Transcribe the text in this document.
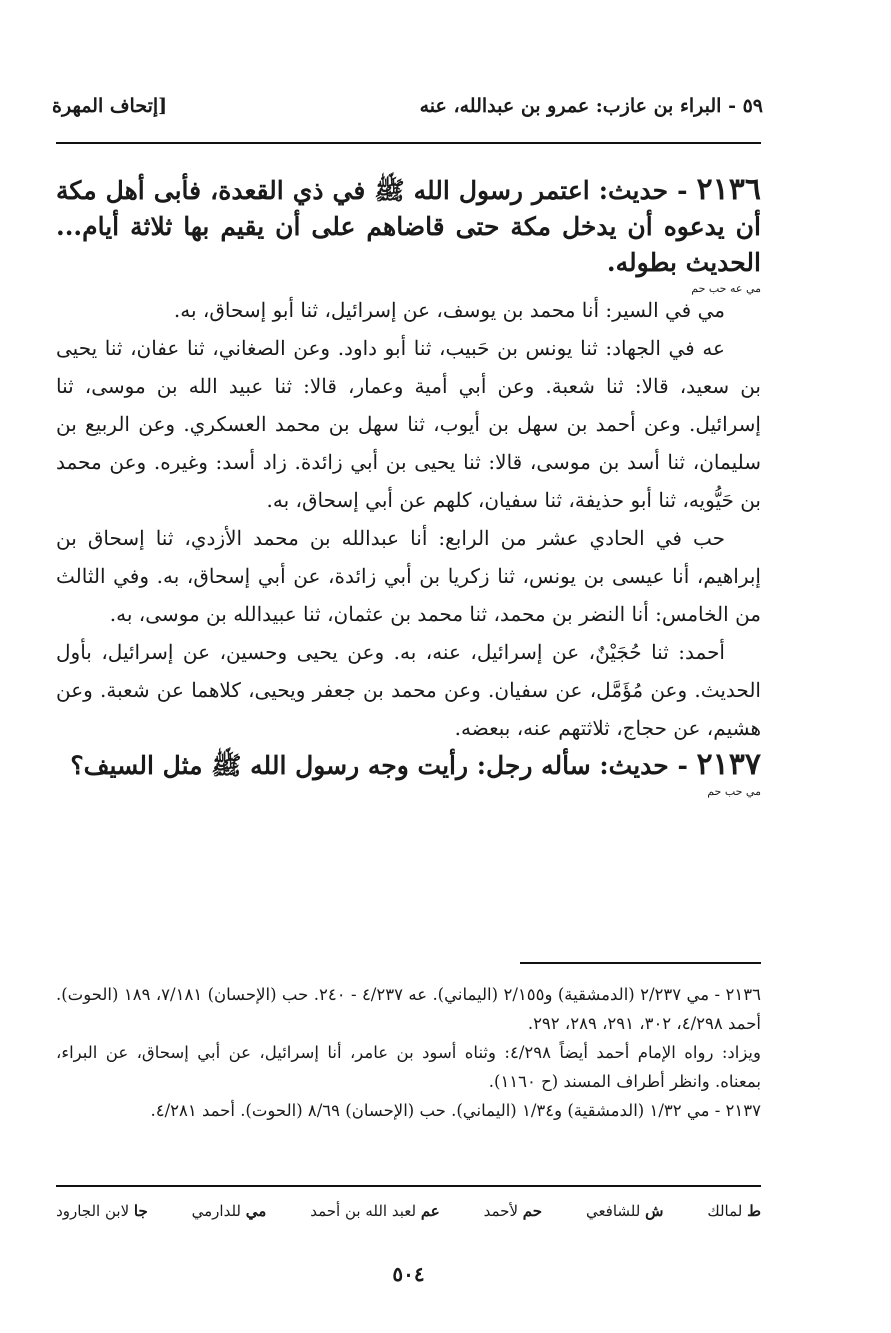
٥٩ - البراء بن عازب: عمرو بن عبدالله، عنه
[إتحاف المهرة
٢١٣٦ - حديث: اعتمر رسول الله ﷺ في ذي القعدة، فأبى أهل مكة أن يدعوه أن يدخل مكة حتى قاضاهم على أن يقيم بها ثلاثة أيام... الحديث بطوله.
مي عه حب حم

مي في السير: أنا محمد بن يوسف، عن إسرائيل، ثنا أبو إسحاق، به.

عه في الجهاد: ثنا يونس بن حَبيب، ثنا أبو داود. وعن الصغاني، ثنا عفان، ثنا يحيى بن سعيد، قالا: ثنا شعبة. وعن أبي أمية وعمار، قالا: ثنا عبيد الله بن موسى، ثنا إسرائيل. وعن أحمد بن سهل بن أيوب، ثنا سهل بن محمد العسكري. وعن الربيع بن سليمان، ثنا أسد بن موسى، قالا: ثنا يحيى بن أبي زائدة. زاد أسد: وغيره. وعن محمد بن حَيُّويه، ثنا أبو حذيفة، ثنا سفيان، كلهم عن أبي إسحاق، به.

حب في الحادي عشر من الرابع: أنا عبدالله بن محمد الأزدي، ثنا إسحاق بن إبراهيم، أنا عيسى بن يونس، ثنا زكريا بن أبي زائدة، عن أبي إسحاق، به. وفي الثالث من الخامس: أنا النضر بن محمد، ثنا محمد بن عثمان، ثنا عبيدالله بن موسى، به.

أحمد: ثنا حُجَيْنٌ، عن إسرائيل، عنه، به. وعن يحيى وحسين، عن إسرائيل، بأول الحديث. وعن مُؤَمَّل، عن سفيان. وعن محمد بن جعفر ويحيى، كلاهما عن شعبة. وعن هشيم، عن حجاج، ثلاثتهم عنه، ببعضه.

٢١٣٧ - حديث: سأله رجل: رأيت وجه رسول الله ﷺ مثل السيف؟
مي حب حم

٢١٣٦ - مي ٢/٢٣٧ (الدمشقية) و٢/١٥٥ (اليماني). عه ٤/٢٣٧ - ٢٤٠. حب (الإحسان) ٧/١٨١، ١٨٩ (الحوت). أحمد ٤/٢٩٨، ٣٠٢، ٢٩١، ٢٨٩، ٢٩٢.

ويزاد: رواه الإمام أحمد أيضاً ٤/٢٩٨: وثناه أسود بن عامر، أنا إسرائيل، عن أبي إسحاق، عن البراء، بمعناه. وانظر أطراف المسند (ح ١١٦٠).

٢١٣٧ - مي ١/٣٢ (الدمشقية) و١/٣٤ (اليماني). حب (الإحسان) ٨/٦٩ (الحوت). أحمد ٤/٢٨١.

ط لمالك
ش للشافعي
حم لأحمد
عم لعبد الله بن أحمد
مي للدارمي
جا لابن الجارود
٥٠٤
